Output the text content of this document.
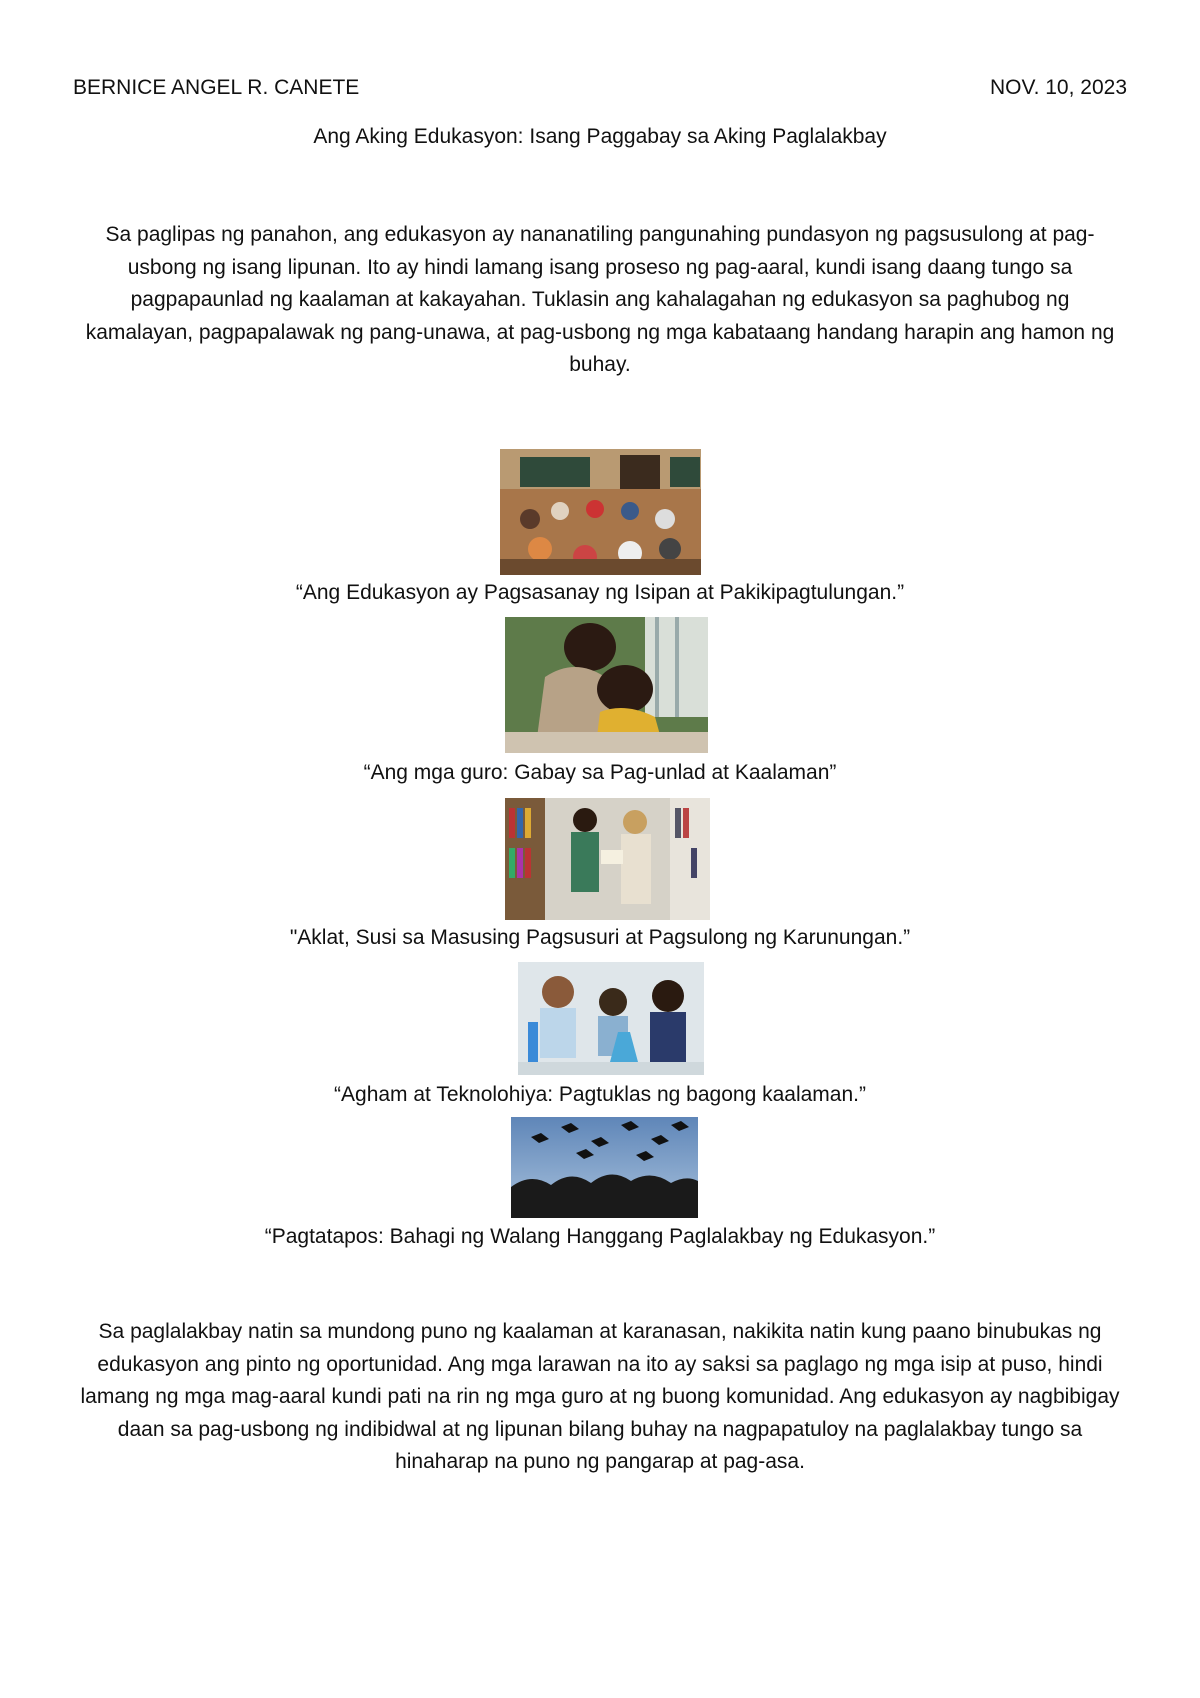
BERNICE ANGEL R. CANETE	NOV. 10, 2023
Ang Aking Edukasyon: Isang Paggabay sa Aking Paglalakbay
Sa paglipas ng panahon, ang edukasyon ay nananatiling pangunahing pundasyon ng pagsusulong at pag-usbong ng isang lipunan. Ito ay hindi lamang isang proseso ng pag-aaral, kundi isang daang tungo sa pagpapaunlad ng kaalaman at kakayahan. Tuklasin ang kahalagahan ng edukasyon sa paghubog ng kamalayan, pagpapalawak ng pang-unawa, at pag-usbong ng mga kabataang handang harapin ang hamon ng buhay.
“Ang Edukasyon ay Pagsasanay ng Isipan at Pakikipagtulungan.”
“Ang mga guro: Gabay sa Pag-unlad at Kaalaman”
"Aklat, Susi sa Masusing Pagsusuri at Pagsulong ng Karunungan.”
“Agham at Teknolohiya: Pagtuklas ng bagong kaalaman.”
“Pagtatapos: Bahagi ng Walang Hanggang Paglalakbay ng Edukasyon.”
Sa paglalakbay natin sa mundong puno ng kaalaman at karanasan, nakikita natin kung paano binubukas ng edukasyon ang pinto ng oportunidad. Ang mga larawan na ito ay saksi sa paglago ng mga isip at puso, hindi lamang ng mga mag-aaral kundi pati na rin ng mga guro at ng buong komunidad. Ang edukasyon ay nagbibigay daan sa pag-usbong ng indibidwal at ng lipunan bilang buhay na nagpapatuloy na paglalakbay tungo sa hinaharap na puno ng pangarap at pag-asa.
